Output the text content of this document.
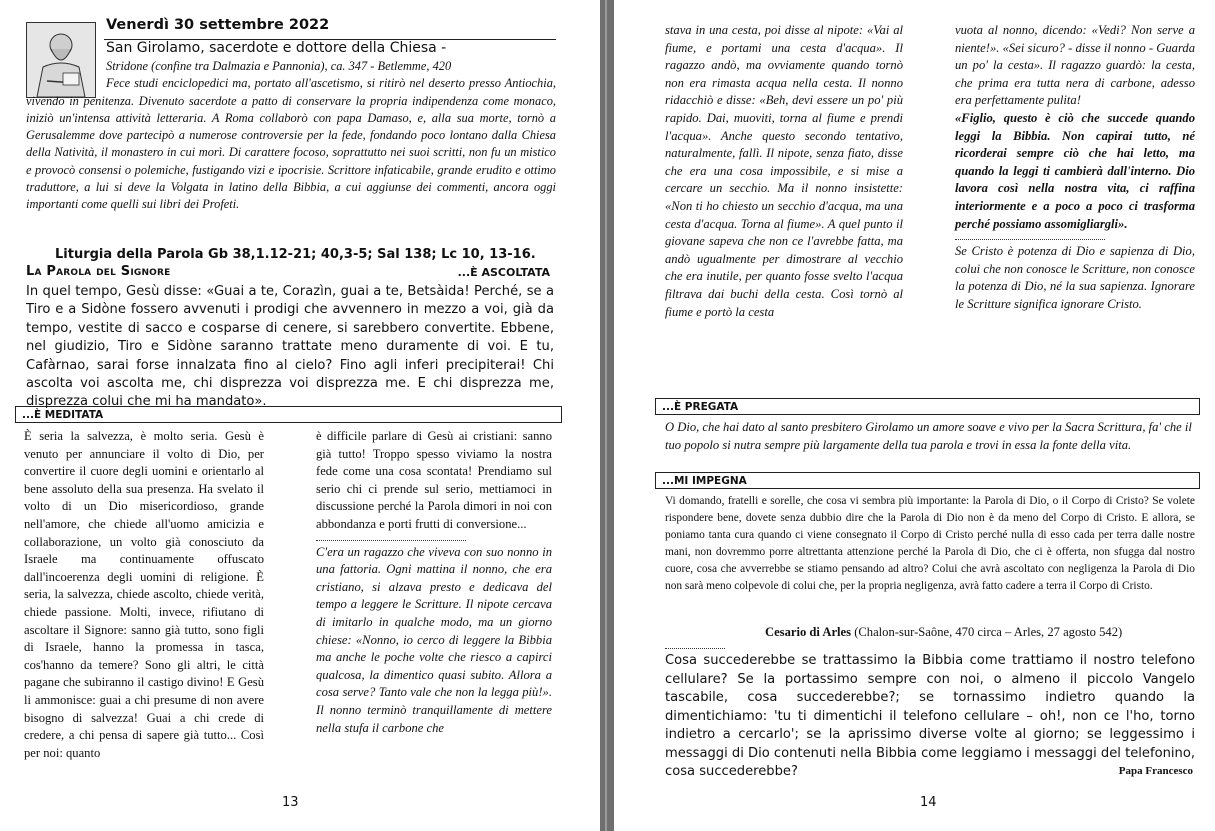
Venerdì 30 settembre 2022
San Girolamo, sacerdote e dottore della Chiesa -
Stridone (confine tra Dalmazia e Pannonia), ca. 347 - Betlemme, 420
Fece studi enciclopedici ma, portato all'ascetismo, si ritirò nel deserto presso Antiochia, vivendo in penitenza. Divenuto sacerdote a patto di conservare la propria indipendenza come monaco, iniziò un'intensa attività letteraria. A Roma collaborò con papa Damaso, e, alla sua morte, tornò a Gerusalemme dove partecipò a numerose controversie per la fede, fondando poco lontano dalla Chiesa della Natività, il monastero in cui morì. Di carattere focoso, soprattutto nei suoi scritti, non fu un mistico e provocò consensi o polemiche, fustigando vizi e ipocrisie. Scrittore infaticabile, grande erudito e ottimo traduttore, a lui si deve la Volgata in latino della Bibbia, a cui aggiunse dei commenti, ancora oggi importanti come quelli sui libri dei Profeti.
Liturgia della Parola Gb 38,1.12-21; 40,3-5; Sal 138; Lc 10, 13-16.
La Parola del Signore	...È ASCOLTATA
In quel tempo, Gesù disse: «Guai a te, Corazìn, guai a te, Betsàida! Perché, se a Tiro e a Sidòne fossero avvenuti i prodigi che avvennero in mezzo a voi, già da tempo, vestite di sacco e cosparse di cenere, si sarebbero convertite. Ebbene, nel giudizio, Tiro e Sidòne saranno trattate meno duramente di voi. E tu, Cafàrnao, sarai forse innalzata fino al cielo? Fino agli inferi precipiterai! Chi ascolta voi ascolta me, chi disprezza voi disprezza me. E chi disprezza me, disprezza colui che mi ha mandato».
...È MEDITATA
È seria la salvezza, è molto seria. Gesù è venuto per annunciare il volto di Dio, per convertire il cuore degli uomini e orientarlo al bene assoluto della sua presenza. Ha svelato il volto di un Dio misericordioso, grande nell'amore, che chiede all'uomo amicizia e collaborazione, un volto già conosciuto da Israele ma continuamente offuscato dall'incoerenza degli uomini di religione. È seria, la salvezza, chiede ascolto, chiede verità, chiede passione. Molti, invece, rifiutano di ascoltare il Signore: sanno già tutto, sono figli di Israele, hanno la promessa in tasca, cos'hanno da temere? Sono gli altri, le città pagane che subiranno il castigo divino! E Gesù li ammonisce: guai a chi presume di non avere bisogno di salvezza! Guai a chi crede di credere, a chi pensa di sapere già tutto... Così per noi: quanto
è difficile parlare di Gesù ai cristiani: sanno già tutto! Troppo spesso viviamo la nostra fede come una cosa scontata! Prendiamo sul serio chi ci prende sul serio, mettiamoci in discussione perché la Parola dimori in noi con abbondanza e porti frutti di conversione...
C'era un ragazzo che viveva con suo nonno in una fattoria. Ogni mattina il nonno, che era cristiano, si alzava presto e dedicava del tempo a leggere le Scritture. Il nipote cercava di imitarlo in qualche modo, ma un giorno chiese: «Nonno, io cerco di leggere la Bibbia ma anche le poche volte che riesco a capirci qualcosa, la dimentico quasi subito. Allora a cosa serve? Tanto vale che non la legga più!». Il nonno terminò tranquillamente di mettere nella stufa il carbone che
13
stava in una cesta, poi disse al nipote: «Vai al fiume, e portami una cesta d'acqua». Il ragazzo andò, ma ovviamente quando tornò non era rimasta acqua nella cesta. Il nonno ridacchiò e disse: «Beh, devi essere un po' più rapido. Dai, muoviti, torna al fiume e prendi l'acqua». Anche questo secondo tentativo, naturalmente, fallì. Il nipote, senza fiato, disse che era una cosa impossibile, e si mise a cercare un secchio. Ma il nonno insistette: «Non ti ho chiesto un secchio d'acqua, ma una cesta d'acqua. Torna al fiume». A quel punto il giovane sapeva che non ce l'avrebbe fatta, ma andò ugualmente per dimostrare al vecchio che era inutile, per quanto fosse svelto l'acqua filtrava dai buchi della cesta. Così tornò al fiume e portò la cesta
vuota al nonno, dicendo: «Vedi? Non serve a niente!». «Sei sicuro? - disse il nonno - Guarda un po' la cesta». Il ragazzo guardò: la cesta, che prima era tutta nera di carbone, adesso era perfettamente pulita!
«Figlio, questo è ciò che succede quando leggi la Bibbia. Non capirai tutto, né ricorderai sempre ciò che hai letto, ma quando la leggi ti cambierà dall'interno. Dio lavora così nella nostra vita, ci raffina interiormente e a poco a poco ci trasforma perché possiamo assomigliargli».
Se Cristo è potenza di Dio e sapienza di Dio, colui che non conosce le Scritture, non conosce la potenza di Dio, né la sua sapienza. Ignorare le Scritture significa ignorare Cristo.
...È PREGATA
O Dio, che hai dato al santo presbitero Girolamo un amore soave e vivo per la Sacra Scrittura, fa' che il tuo popolo si nutra sempre più largamente della tua parola e trovi in essa la fonte della vita.
...MI IMPEGNA
Vi domando, fratelli e sorelle, che cosa vi sembra più importante: la Parola di Dio, o il Corpo di Cristo? Se volete rispondere bene, dovete senza dubbio dire che la Parola di Dio non è da meno del Corpo di Cristo. E allora, se poniamo tanta cura quando ci viene consegnato il Corpo di Cristo perché nulla di esso cada per terra dalle nostre mani, non dovremmo porre altrettanta attenzione perché la Parola di Dio, che ci è offerta, non sfugga dal nostro cuore, cosa che avverrebbe se stiamo pensando ad altro? Colui che avrà ascoltato con negligenza la Parola di Dio non sarà meno colpevole di colui che, per la propria negligenza, avrà fatto cadere a terra il Corpo di Cristo.
Cesario di Arles (Chalon-sur-Saône, 470 circa – Arles, 27 agosto 542)
Cosa succederebbe se trattassimo la Bibbia come trattiamo il nostro telefono cellulare? Se la portassimo sempre con noi, o almeno il piccolo Vangelo tascabile, cosa succederebbe?; se tornassimo indietro quando la dimentichiamo: 'tu ti dimentichi il telefono cellulare – oh!, non ce l'ho, torno indietro a cercarlo'; se la aprissimo diverse volte al giorno; se leggessimo i messaggi di Dio contenuti nella Bibbia come leggiamo i messaggi del telefonino, cosa succederebbe?	Papa Francesco
14
